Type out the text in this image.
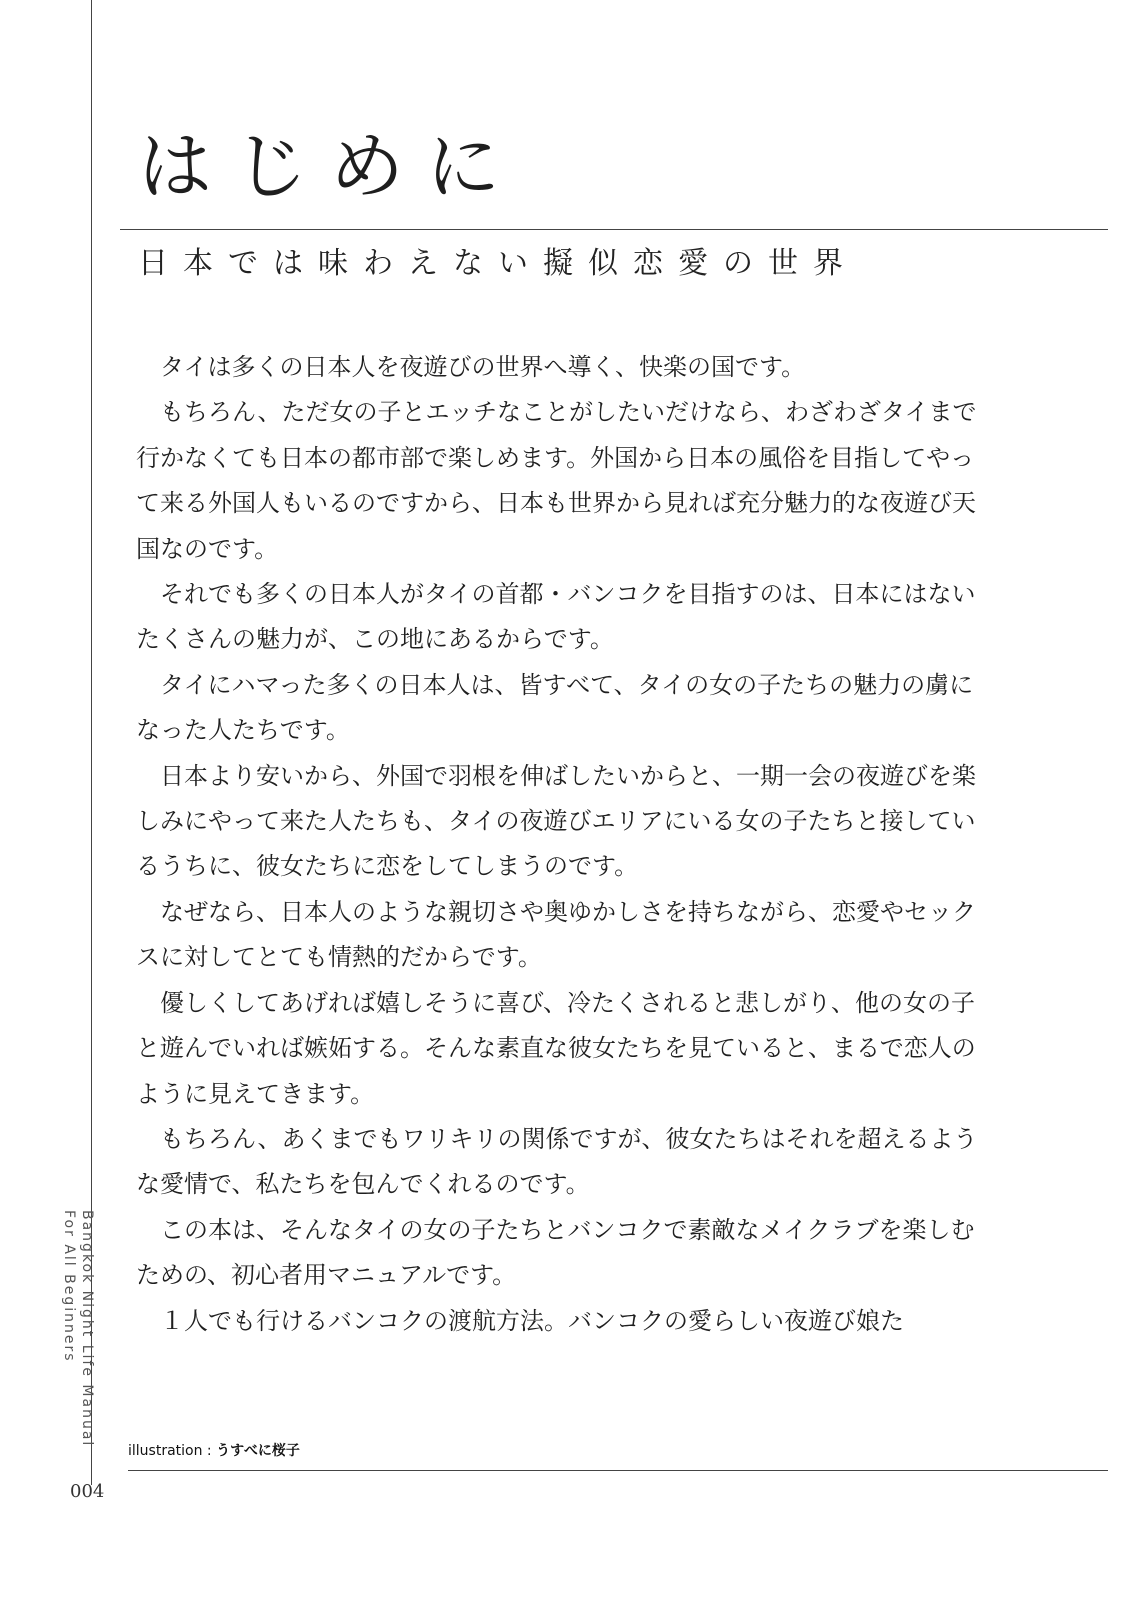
はじめに
日本では味わえない擬似恋愛の世界

タイは多くの日本人を夜遊びの世界へ導く、快楽の国です。

もちろん、ただ女の子とエッチなことがしたいだけなら、わざわざタイまで行かなくても日本の都市部で楽しめます。外国から日本の風俗を目指してやって来る外国人もいるのですから、日本も世界から見れば充分魅力的な夜遊び天国なのです。

それでも多くの日本人がタイの首都・バンコクを目指すのは、日本にはないたくさんの魅力が、この地にあるからです。

タイにハマった多くの日本人は、皆すべて、タイの女の子たちの魅力の虜になった人たちです。

日本より安いから、外国で羽根を伸ばしたいからと、一期一会の夜遊びを楽しみにやって来た人たちも、タイの夜遊びエリアにいる女の子たちと接しているうちに、彼女たちに恋をしてしまうのです。

なぜなら、日本人のような親切さや奥ゆかしさを持ちながら、恋愛やセックスに対してとても情熱的だからです。

優しくしてあげれば嬉しそうに喜び、冷たくされると悲しがり、他の女の子と遊んでいれば嫉妬する。そんな素直な彼女たちを見ていると、まるで恋人のように見えてきます。

もちろん、あくまでもワリキリの関係ですが、彼女たちはそれを超えるような愛情で、私たちを包んでくれるのです。

この本は、そんなタイの女の子たちとバンコクで素敵なメイクラブを楽しむための、初心者用マニュアルです。

１人でも行けるバンコクの渡航方法。バンコクの愛らしい夜遊び娘た

Bangkok Night Life Manual
For All Beginners
illustration : うすべに桜子
004
